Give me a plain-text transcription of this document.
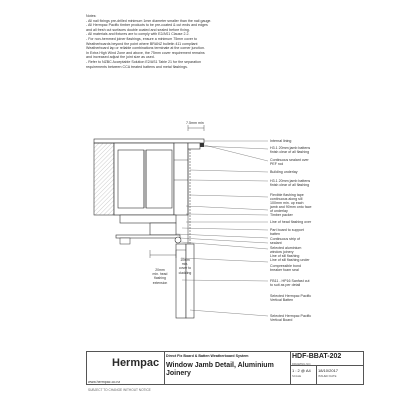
Notes:
- All nail fixings pre-drilled minimum 1mm diameter smaller than the nail gauge.
- All Hermpac Pacific timber products to be pre-coated & cut ends and edges
and all fresh cut surfaces double coated and sealed before fixing.
- All materials and fixtures are to comply with E2/AS1 Clause 2.2.
- For non-hemmed joiner flashings, ensure a minimum 75mm cover to
Weatherboards beyond the point where BRANZ bulletin 411 compliant
Weatherboard lap or reliable combinations terminate at the corner junction.
In Extra High Wind Zone and above, the 75mm cover requirement remains
and increased adjust the joint size as used.
- Refer to NZBC Acceptable Solution E2/AS1 Table 21 for the separation
requirements between CCA treated battens and metal flashings.
Internal lining
H3.1 20mm jamb battens
finish clear of all flashing
Continuous sealant over
PEF rod
Building underlay
H3.1 20mm jamb battens
finish clear of all flashing
Flexible flashing tape
continuous along sill
100mm min. up each
jamb and 90mm onto face
of underlay
Timber packer
Line of head flashing over
Part board to support
batten
Continuous strip of
sealant
Selected aluminium
window joinery
Line of sill flashing
Line of sill flashing under
Compressible bond
breaker foam seal
FB11 - HP16 Sanfast cut
to suit as per detail
Selected Hermpac Pacific
Vertical Batten
Selected Hermpac Pacific
Vertical Board
7.5mm min
20mm
min. head
flashing
extension
10mm
min.
cover to
cladding
Hermpac
www.hermpac.co.nz
SUBJECT TO CHANGE WITHOUT NOTICE
Direct Fix Board & Batten Weatherboard System
Window Jamb Detail, Aluminium
Joinery
HDF-BBAT-202
DRAWING NO.
1 : 2 @ A4
SCALE
18/10/2017
ISSUED DATE
